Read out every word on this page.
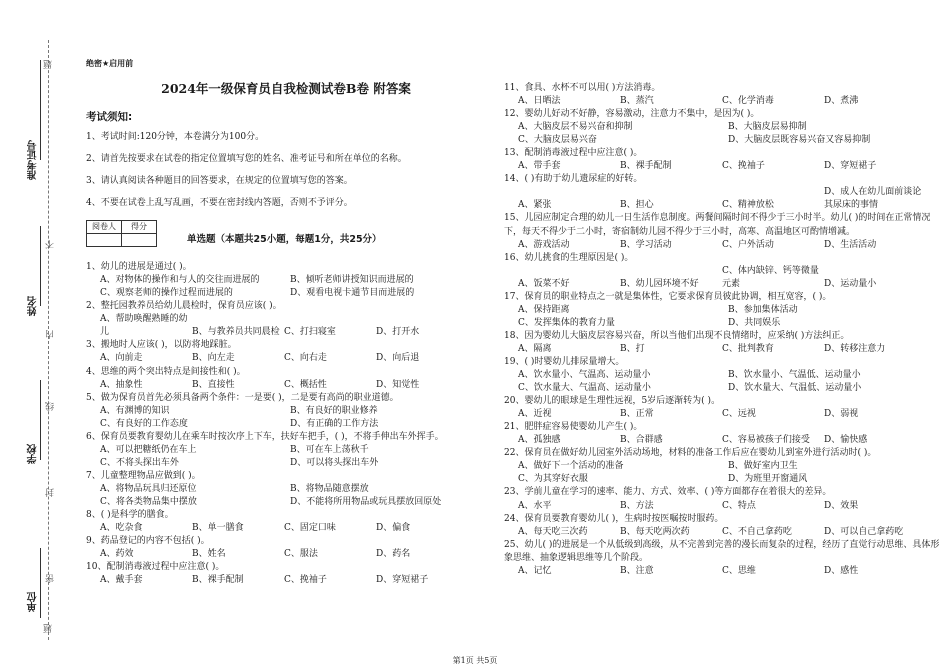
准考证号
姓名
学校
单位
题
不
内
线
封
密
题
绝密★启用前
2024年一级保育员自我检测试卷B卷 附答案
考试须知:

1、考试时间:120分钟，本卷满分为100分。

2、请首先按要求在试卷的指定位置填写您的姓名、准考证号和所在单位的名称。

3、请认真阅读各种题目的回答要求，在规定的位置填写您的答案。

4、不要在试卷上乱写乱画，不要在密封线内答题，否则不予评分。

阅卷人	得分

单选题（本题共25小题，每题1分，共25分）
1、幼儿的进展是通过( )。
A、对物体的操作和与人的交往而进展的	B、倾听老师讲授知识而进展的
C、观察老师的操作过程而进展的	D、观看电视卡通节目而进展的
2、整托园教养员给幼儿晨检时，保育员应该( )。
A、帮助唤醒熟睡的幼儿	B、与教养员共同晨检 C、打扫寝室	D、打开水
3、搬地时人应该( )，以防将地踩脏。
A、向前走	B、向左走	C、向右走	D、向后退
4、思维的两个突出特点是间接性和( )。
A、抽象性	B、直接性	C、概括性	D、知觉性
5、做为保育员首先必须具备两个条件：一是要( )，二是要有高尚的职业道德。
A、有渊博的知识	B、有良好的职业修养
C、有良好的工作态度	D、有正确的工作方法
6、保育员要教育婴幼儿在乘车时按次序上下车，扶好车把手，( )，不将手伸出车外挥手。
A、可以把糖纸仍在车上	B、可在车上荡秋千
C、不将头探出车外	D、可以将头探出车外
7、儿童整理物品应做到( )。
A、将物品玩具归还原位	B、将物品随意摆放
C、将各类物品集中摆放	D、不能将所用物品或玩具摆放回原处
8、( )是科学的膳食。
A、吃杂食	B、单一膳食	C、固定口味	D、偏食
9、药品登记的内容不包括( )。
A、药效	B、姓名	C、服法	D、药名
10、配制消毒液过程中应注意( )。
A、戴手套	B、裸手配制	C、挽袖子	D、穿短裙子
11、食具、水杯不可以用( )方法消毒。
A、日晒法	B、蒸汽	C、化学消毒	D、煮沸
12、婴幼儿好动不好静，容易激动，注意力不集中，是因为( )。
A、大脑皮层不易兴奋和抑制	B、大脑皮层易抑制
C、大脑皮层易兴奋	D、大脑皮层既容易兴奋又容易抑制
13、配制消毒液过程中应注意( )。
A、带手套	B、裸手配制	C、挽袖子	D、穿短裙子
14、( )有助于幼儿遗尿症的好转。
A、紧张	B、担心	C、精神放松D、成人在幼儿面前谈论其尿床的事情
15、儿园应制定合理的幼儿一日生活作息制度。两餐间隔时间不得少于三小时半。幼儿( )的时间在正常情况下，每天不得少于二小时，寄宿制幼儿园不得少于三小时，高寒、高温地区可酌情增减。
A、游戏活动	B、学习活动	C、户外活动	D、生活活动
16、幼儿挑食的生理原因是( )。
A、饭菜不好	B、幼儿园环境不好C、体内缺锌、钙等微量元素	D、运动量小
17、保育员的职业特点之一就是集体性，它要求保育员彼此协调，相互宽容，( )。
A、保持距离	B、参加集体活动
C、发挥集体的教育力量	D、共同娱乐
18、因为婴幼儿大脑皮层容易兴奋，所以当他们出现不良情绪时，应采纳( )方法纠正。
A、隔离	B、打	C、批判教育	D、转移注意力
19、( )时婴幼儿排尿量增大。
A、饮水量小、气温高、运动量小	B、饮水量小、气温低、运动量小
C、饮水量大、气温高、运动量小	D、饮水量大、气温低、运动量小
20、婴幼儿的眼球是生理性远视，5岁后逐渐转为( )。
A、近视	B、正常	C、远视	D、弱视
21、肥胖症容易使婴幼儿产生( )。
A、孤独感	B、合群感	C、容易被孩子们接受 D、愉快感
22、保育员在做好幼儿园室外活动场地，材料的准备工作后应在婴幼儿到室外进行活动时( )。
A、做好下一个活动的准备	B、做好室内卫生
C、为其穿好衣服	D、为班里开窗通风
23、学前儿童在学习的速率、能力、方式、效率、( )等方面都存在着很大的差异。
A、水平	B、方法	C、特点	D、效果
24、保育员要教育婴幼儿( )，生病时按医嘱按时服药。
A、每天吃三次药	B、每天吃两次药	C、不自己拿药吃	D、可以自己拿药吃
25、幼儿( )的进展是一个从低级到高级，从不完善到完善的漫长而复杂的过程，经历了直觉行动思维、具体形象思维、抽象逻辑思维等几个阶段。
A、记忆	B、注意	C、思维	D、感性
第1页 共5页
